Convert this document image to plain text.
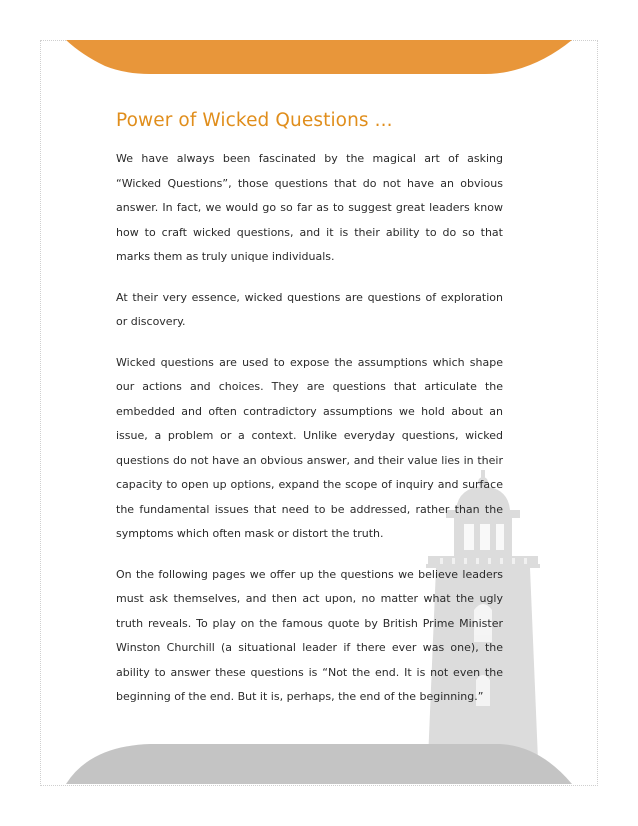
Power of Wicked Questions ...

We have always been fascinated by the magical art of asking “Wicked Questions”, those questions that do not have an obvious answer. In fact, we would go so far as to suggest great leaders know how to craft wicked questions, and it is their ability to do so that marks them as truly unique individuals.

At their very essence, wicked questions are questions of exploration or discovery.

Wicked questions are used to expose the assumptions which shape our actions and choices. They are questions that articulate the embedded and often contradictory assumptions we hold about an issue, a problem or a context. Unlike everyday questions, wicked questions do not have an obvious answer, and their value lies in their capacity to open up options, expand the scope of inquiry and surface the fundamental issues that need to be addressed, rather than the symptoms which often mask or distort the truth.

On the following pages we offer up the questions we believe leaders must ask themselves, and then act upon, no matter what the ugly truth reveals. To play on the famous quote by British Prime Minister Winston Churchill (a situational leader if there ever was one), the ability to answer these questions is “Not the end. It is not even the beginning of the end. But it is, perhaps, the end of the beginning.”
